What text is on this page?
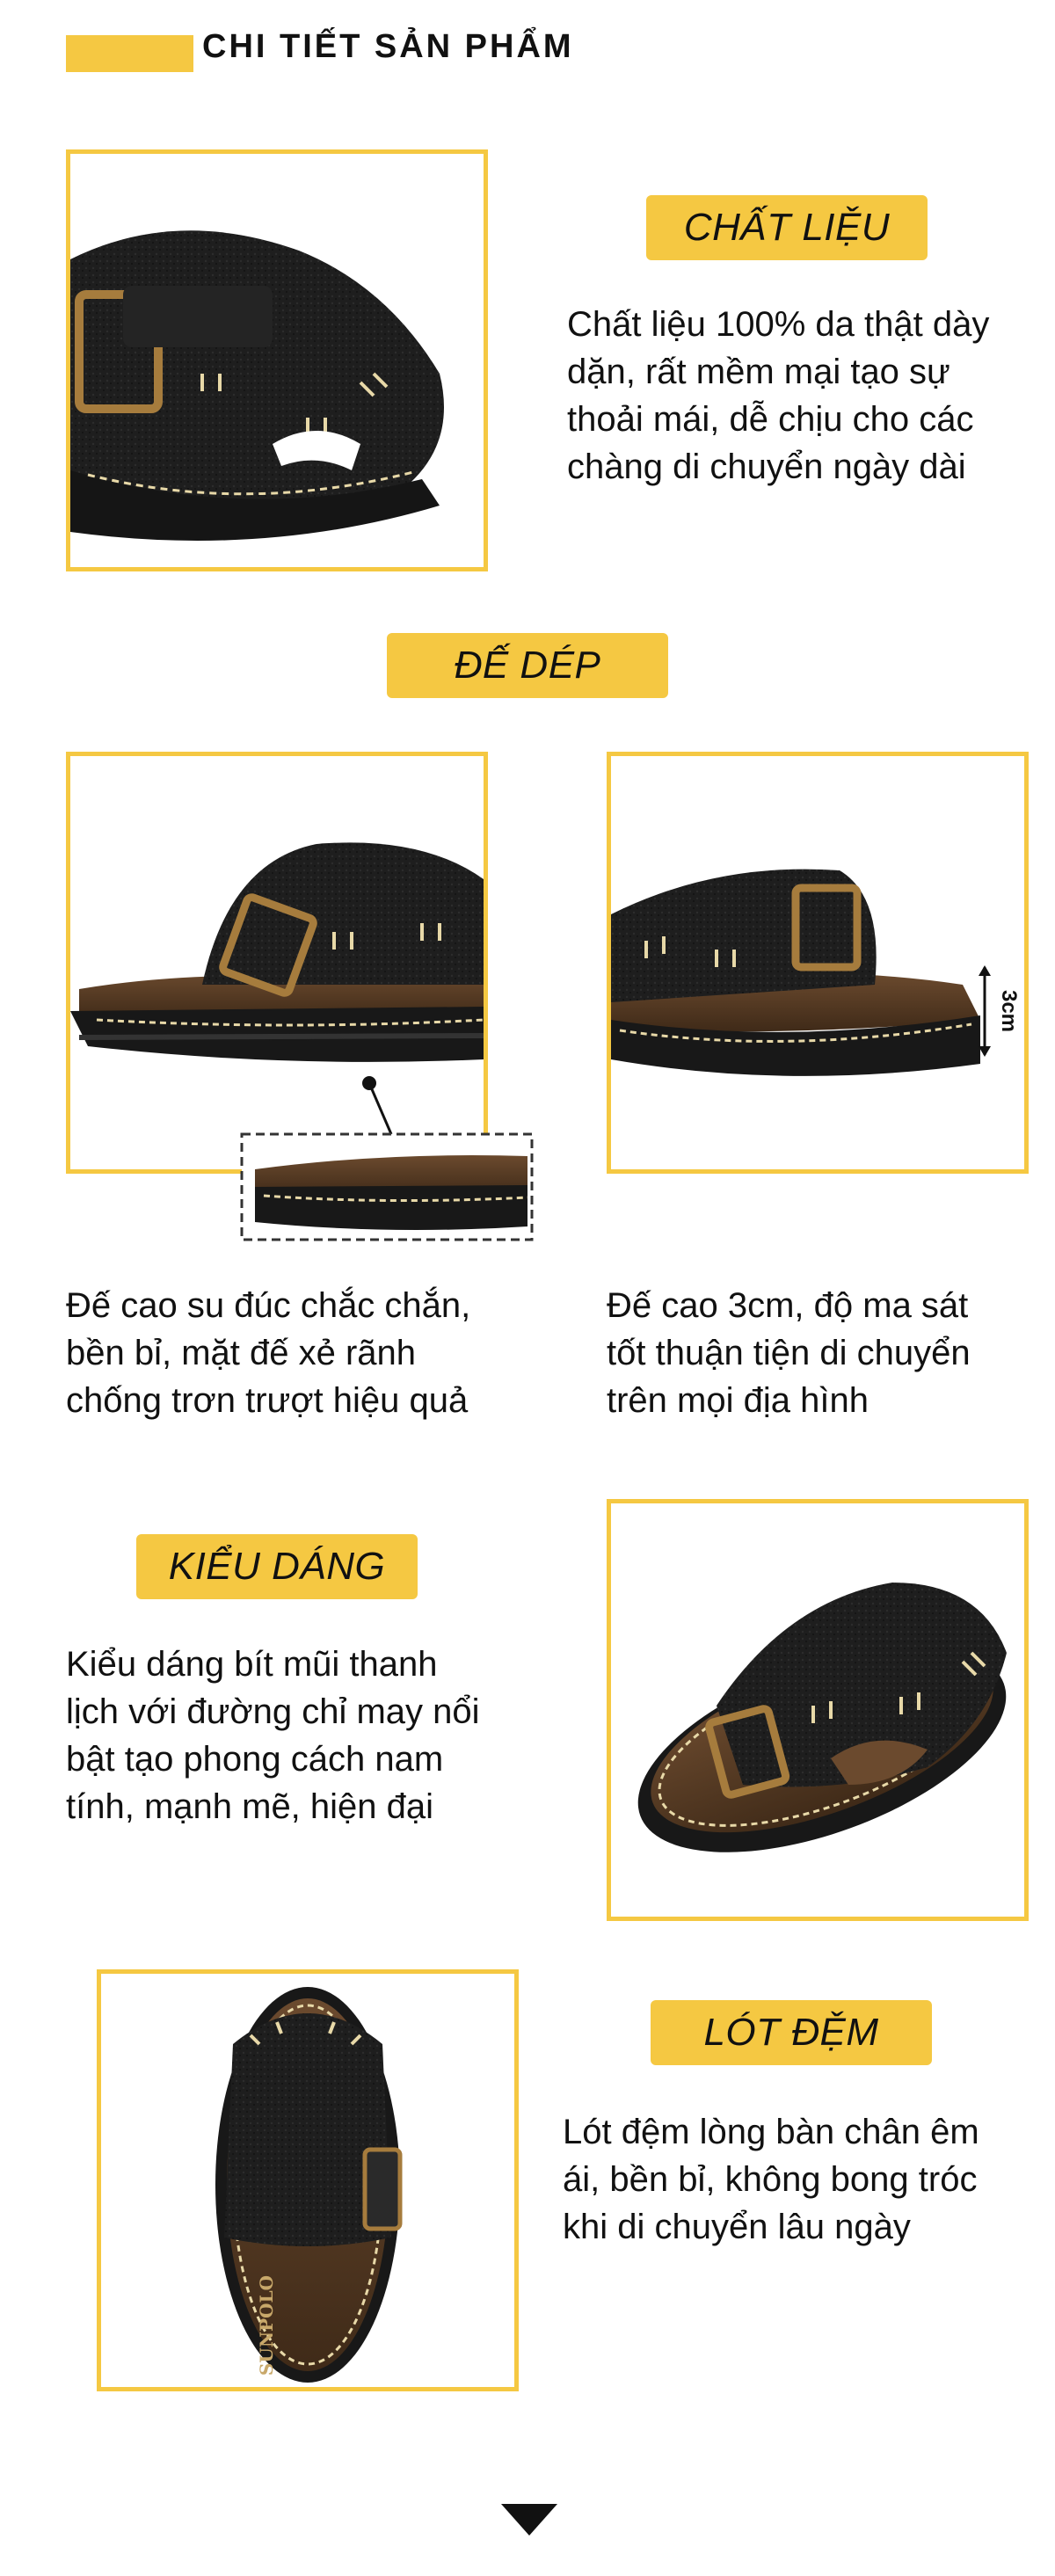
CHI TIẾT SẢN PHẨM
CHẤT LIỆU
Chất liệu 100% da thật dày
dặn, rất mềm mại tạo sự
thoải mái, dễ chịu cho các
chàng di chuyển ngày dài
ĐẾ DÉP
3cm
Đế cao su đúc chắc chắn,
bền bỉ, mặt đế xẻ rãnh
chống trơn trượt hiệu quả
Đế cao 3cm, độ ma sát
tốt thuận tiện di chuyển
trên mọi địa hình
KIỂU DÁNG
Kiểu dáng bít mũi thanh
lịch với đường chỉ may nổi
bật tạo phong cách nam
tính, mạnh mẽ, hiện đại
SUNPOLO
LÓT ĐỆM
Lót đệm lòng bàn chân êm
ái, bền bỉ, không bong tróc
khi di chuyển lâu ngày
